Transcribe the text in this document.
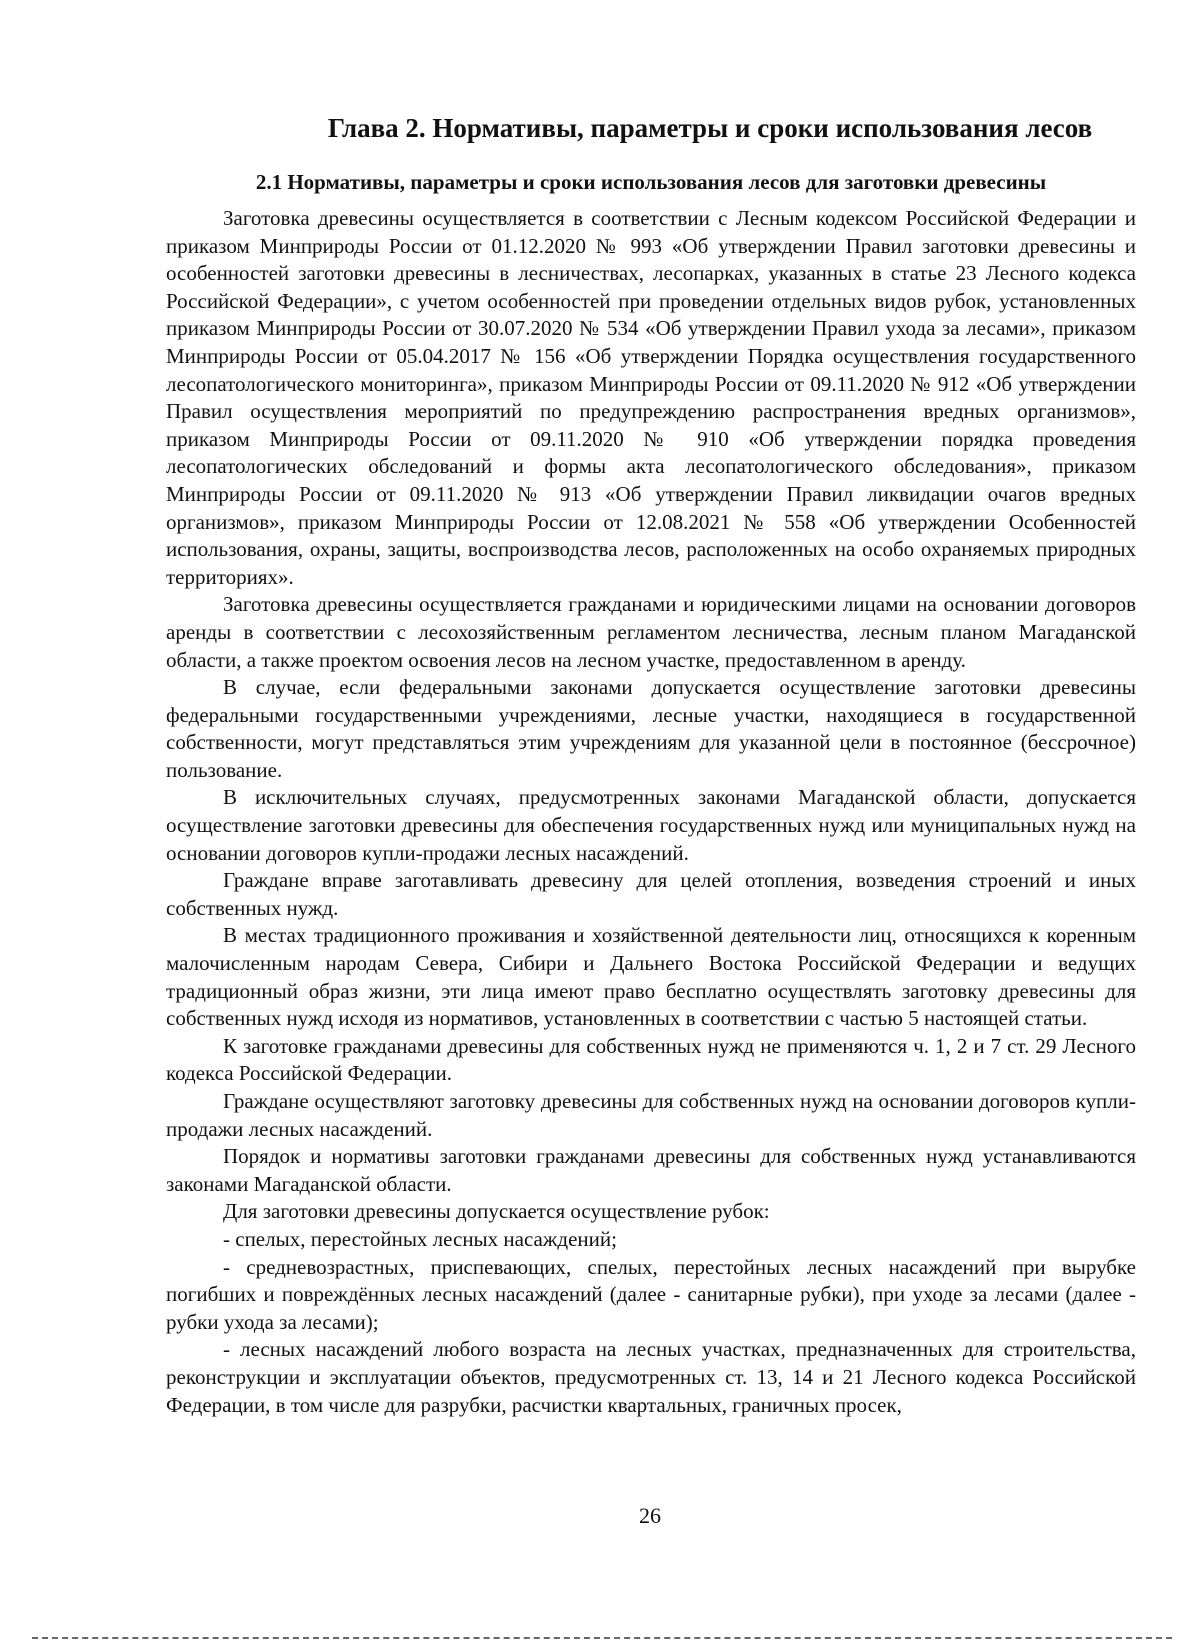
Глава 2. Нормативы, параметры и сроки использования лесов
2.1 Нормативы, параметры и сроки использования лесов для заготовки древесины

Заготовка древесины осуществляется в соответствии с Лесным кодексом Российской Федерации и приказом Минприроды России от 01.12.2020 № 993 «Об утверждении Правил заготовки древесины и особенностей заготовки древесины в лесничествах, лесопарках, указанных в статье 23 Лесного кодекса Российской Федерации», с учетом особенностей при проведении отдельных видов рубок, установленных приказом Минприроды России от 30.07.2020 № 534 «Об утверждении Правил ухода за лесами», приказом Минприроды России от 05.04.2017 № 156 «Об утверждении Порядка осуществления государственного лесопатологического мониторинга», приказом Минприроды России от 09.11.2020 № 912 «Об утверждении Правил осуществления мероприятий по предупреждению распространения вредных организмов», приказом Минприроды России от 09.11.2020 № 910 «Об утверждении порядка проведения лесопатологических обследований и формы акта лесопатологического обследования», приказом Минприроды России от 09.11.2020 № 913 «Об утверждении Правил ликвидации очагов вредных организмов», приказом Минприроды России от 12.08.2021 № 558 «Об утверждении Особенностей использования, охраны, защиты, воспроизводства лесов, расположенных на особо охраняемых природных территориях».

Заготовка древесины осуществляется гражданами и юридическими лицами на основании договоров аренды в соответствии с лесохозяйственным регламентом лесничества, лесным планом Магаданской области, а также проектом освоения лесов на лесном участке, предоставленном в аренду.

В случае, если федеральными законами допускается осуществление заготовки древесины федеральными государственными учреждениями, лесные участки, находящиеся в государственной собственности, могут представляться этим учреждениям для указанной цели в постоянное (бессрочное) пользование.

В исключительных случаях, предусмотренных законами Магаданской области, допускается осуществление заготовки древесины для обеспечения государственных нужд или муниципальных нужд на основании договоров купли-продажи лесных насаждений.

Граждане вправе заготавливать древесину для целей отопления, возведения строений и иных собственных нужд.

В местах традиционного проживания и хозяйственной деятельности лиц, относящихся к коренным малочисленным народам Севера, Сибири и Дальнего Востока Российской Федерации и ведущих традиционный образ жизни, эти лица имеют право бесплатно осуществлять заготовку древесины для собственных нужд исходя из нормативов, установленных в соответствии с частью 5 настоящей статьи.

К заготовке гражданами древесины для собственных нужд не применяются ч. 1, 2 и 7 ст. 29 Лесного кодекса Российской Федерации.

Граждане осуществляют заготовку древесины для собственных нужд на основании договоров купли-продажи лесных насаждений.

Порядок и нормативы заготовки гражданами древесины для собственных нужд устанавливаются законами Магаданской области.

Для заготовки древесины допускается осуществление рубок:

- спелых, перестойных лесных насаждений;

- средневозрастных, приспевающих, спелых, перестойных лесных насаждений при вырубке погибших и повреждённых лесных насаждений (далее - санитарные рубки), при уходе за лесами (далее - рубки ухода за лесами);

- лесных насаждений любого возраста на лесных участках, предназначенных для строительства, реконструкции и эксплуатации объектов, предусмотренных ст. 13, 14 и 21 Лесного кодекса Российской Федерации, в том числе для разрубки, расчистки квартальных, граничных просек,

26
